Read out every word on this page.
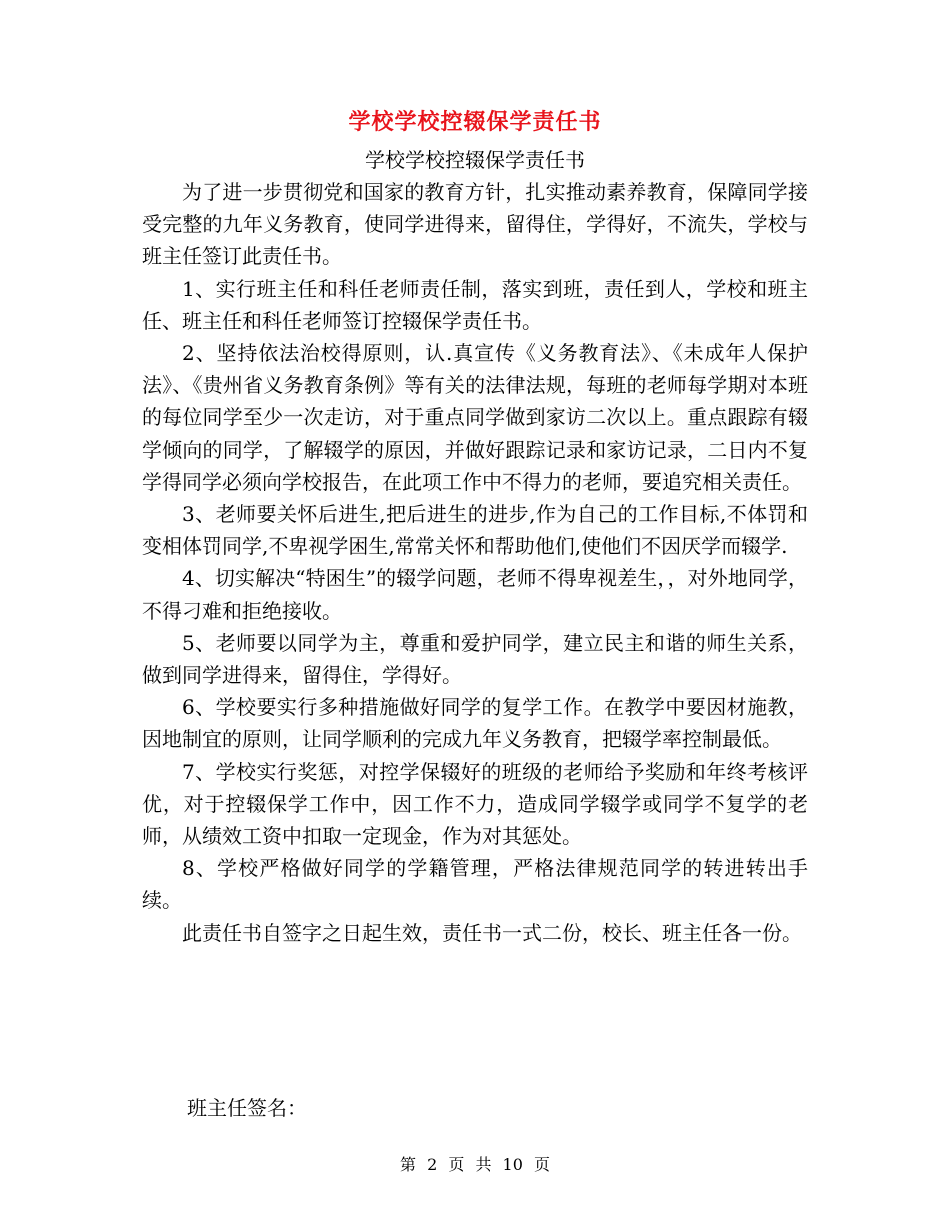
学校学校控辍保学责任书
学校学校控辍保学责任书

为了进一步贯彻党和国家的教育方针，扎实推动素养教育，保障同学接受完整的九年义务教育，使同学进得来，留得住，学得好，不流失，学校与班主任签订此责任书。

1、实行班主任和科任老师责任制，落实到班，责任到人，学校和班主任、班主任和科任老师签订控辍保学责任书。

2、坚持依法治校得原则，认.真宣传《义务教育法》、《未成年人保护法》、《贵州省义务教育条例》等有关的法律法规，每班的老师每学期对本班的每位同学至少一次走访，对于重点同学做到家访二次以上。重点跟踪有辍学倾向的同学，了解辍学的原因，并做好跟踪记录和家访记录，二日内不复学得同学必须向学校报告，在此项工作中不得力的老师，要追究相关责任。

3、老师要关怀后进生,把后进生的进步,作为自己的工作目标,不体罚和变相体罚同学,不卑视学困生,常常关怀和帮助他们,使他们不因厌学而辍学.

4、切实解决“特困生”的辍学问题，老师不得卑视差生，，对外地同学，不得刁难和拒绝接收。

5、老师要以同学为主，尊重和爱护同学，建立民主和谐的师生关系，做到同学进得来，留得住，学得好。

6、学校要实行多种措施做好同学的复学工作。在教学中要因材施教，因地制宜的原则，让同学顺利的完成九年义务教育，把辍学率控制最低。

7、学校实行奖惩，对控学保辍好的班级的老师给予奖励和年终考核评优，对于控辍保学工作中，因工作不力，造成同学辍学或同学不复学的老师，从绩效工资中扣取一定现金，作为对其惩处。

8、学校严格做好同学的学籍管理，严格法律规范同学的转进转出手续。

此责任书自签字之日起生效，责任书一式二份，校长、班主任各一份。

班主任签名：
第 2 页 共 10 页
